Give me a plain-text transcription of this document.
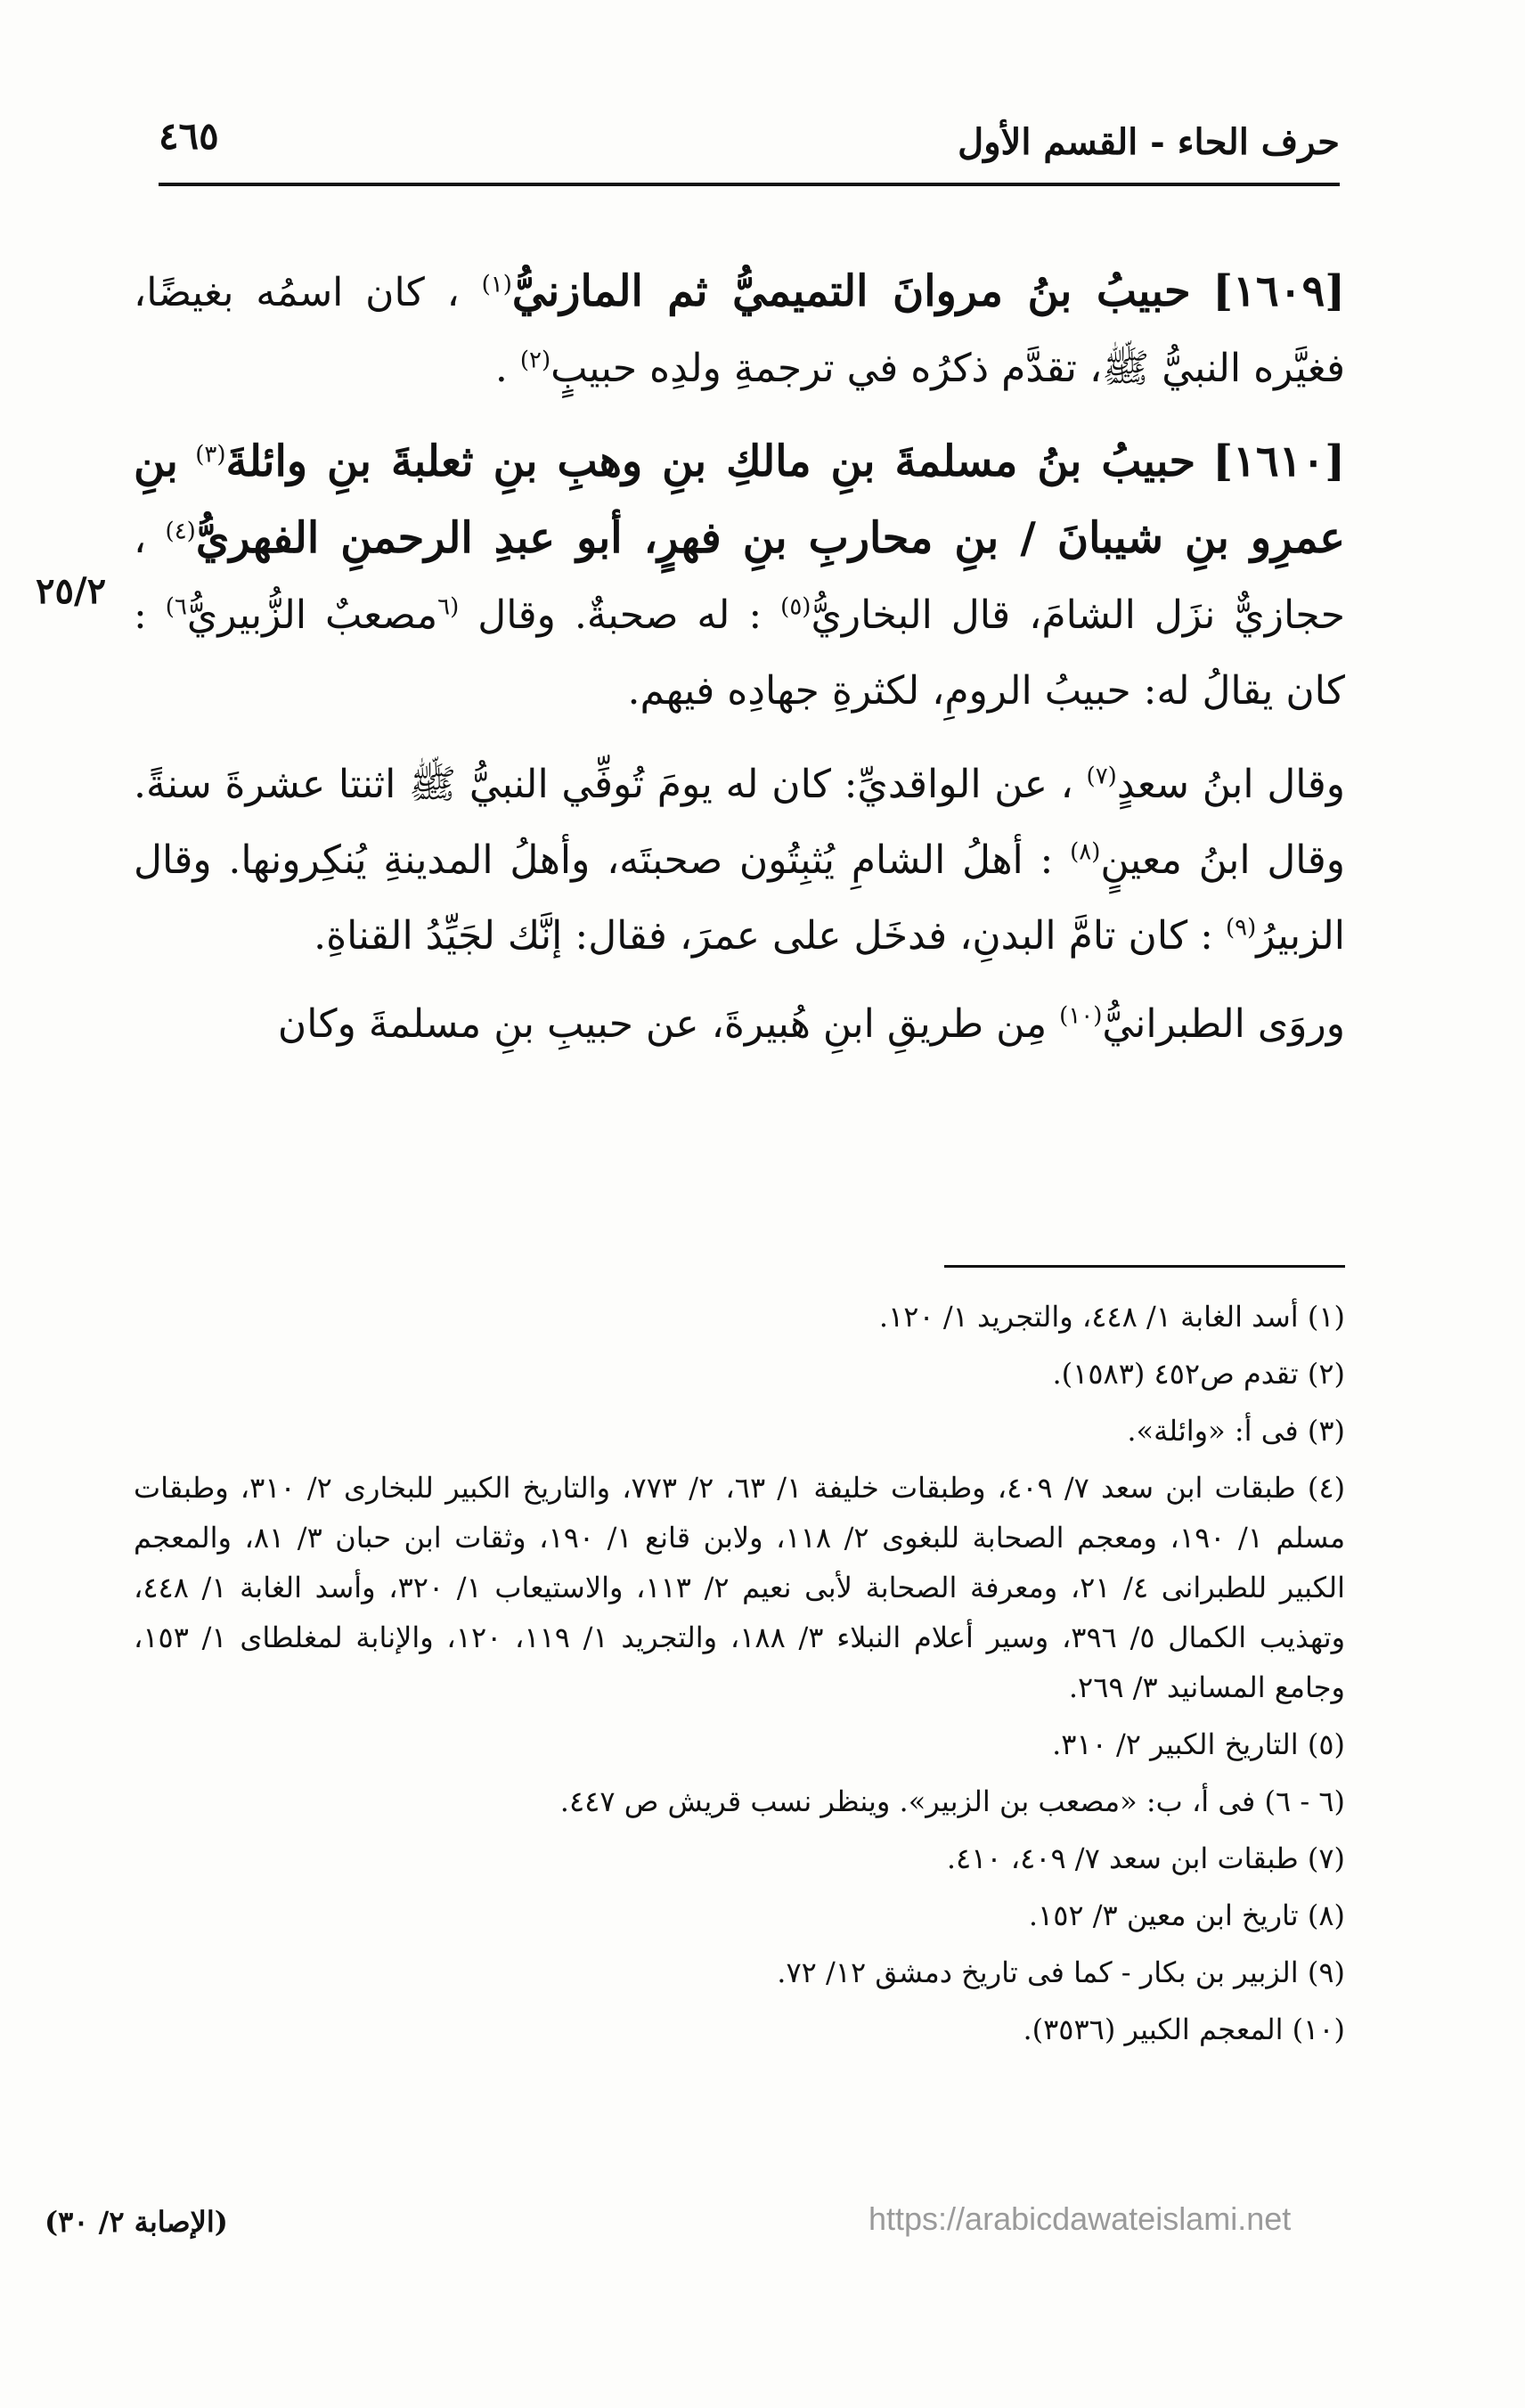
٤٦٥	حرف الحاء - القسم الأول
٢٥/٢

[١٦٠٩] حبيبُ بنُ مروانَ التميميُّ ثم المازنيُّ$^{(١)}$ ، كان اسمُه بغيضًا، فغيَّره النبيُّ ﷺ، تقدَّم ذكرُه في ترجمةِ ولدِه حبيبٍ$^{(٢)}$ .

[١٦١٠] حبيبُ بنُ مسلمةَ بنِ مالكِ بنِ وهبِ بنِ ثعلبةَ بنِ وائلةَ$^{(٣)}$ بنِ عمرِو بنِ شيبانَ / بنِ محاربِ بنِ فهرٍ، أبو عبدِ الرحمنِ الفهريُّ$^{(٤)}$ ، حجازيٌّ نزَل الشامَ، قال البخاريُّ$^{(٥)}$ : له صحبةٌ. وقال $^{(٦}$مصعبٌ الزُّبيريُّ$^{٦)}$ : كان يقالُ له: حبيبُ الرومِ، لكثرةِ جهادِه فيهم.

وقال ابنُ سعدٍ$^{(٧)}$ ، عن الواقديِّ: كان له يومَ تُوفِّي النبيُّ ﷺ اثنتا عشرةَ سنةً. وقال ابنُ معينٍ$^{(٨)}$ : أهلُ الشامِ يُثبِتُون صحبتَه، وأهلُ المدينةِ يُنكِرونها. وقال الزبيرُ$^{(٩)}$ : كان تامَّ البدنِ، فدخَل على عمرَ، فقال: إنَّك لجَيِّدُ القناةِ.

وروَى الطبرانيُّ$^{(١٠)}$ مِن طريقِ ابنِ هُبيرةَ، عن حبيبِ بنِ مسلمةَ وكان

(١) أسد الغابة ١/ ٤٤٨، والتجريد ١/ ١٢٠.

(٢) تقدم ص٤٥٢ (١٥٨٣).

(٣) فى أ: «وائلة».

(٤) طبقات ابن سعد ٧/ ٤٠٩، وطبقات خليفة ١/ ٦٣، ٢/ ٧٧٣، والتاريخ الكبير للبخارى ٢/ ٣١٠، وطبقات مسلم ١/ ١٩٠، ومعجم الصحابة للبغوى ٢/ ١١٨، ولابن قانع ١/ ١٩٠، وثقات ابن حبان ٣/ ٨١، والمعجم الكبير للطبرانى ٤/ ٢١، ومعرفة الصحابة لأبى نعيم ٢/ ١١٣، والاستيعاب ١/ ٣٢٠، وأسد الغابة ١/ ٤٤٨، وتهذيب الكمال ٥/ ٣٩٦، وسير أعلام النبلاء ٣/ ١٨٨، والتجريد ١/ ١١٩، ١٢٠، والإنابة لمغلطاى ١/ ١٥٣، وجامع المسانيد ٣/ ٢٦٩.

(٥) التاريخ الكبير ٢/ ٣١٠.

(٦ - ٦) فى أ، ب: «مصعب بن الزبير». وينظر نسب قريش ص ٤٤٧.

(٧) طبقات ابن سعد ٧/ ٤٠٩، ٤١٠.

(٨) تاريخ ابن معين ٣/ ١٥٢.

(٩) الزبير بن بكار - كما فى تاريخ دمشق ١٢/ ٧٢.

(١٠) المعجم الكبير (٣٥٣٦).

(الإصابة ٢/ ٣٠)	https://arabicdawateislami.net
